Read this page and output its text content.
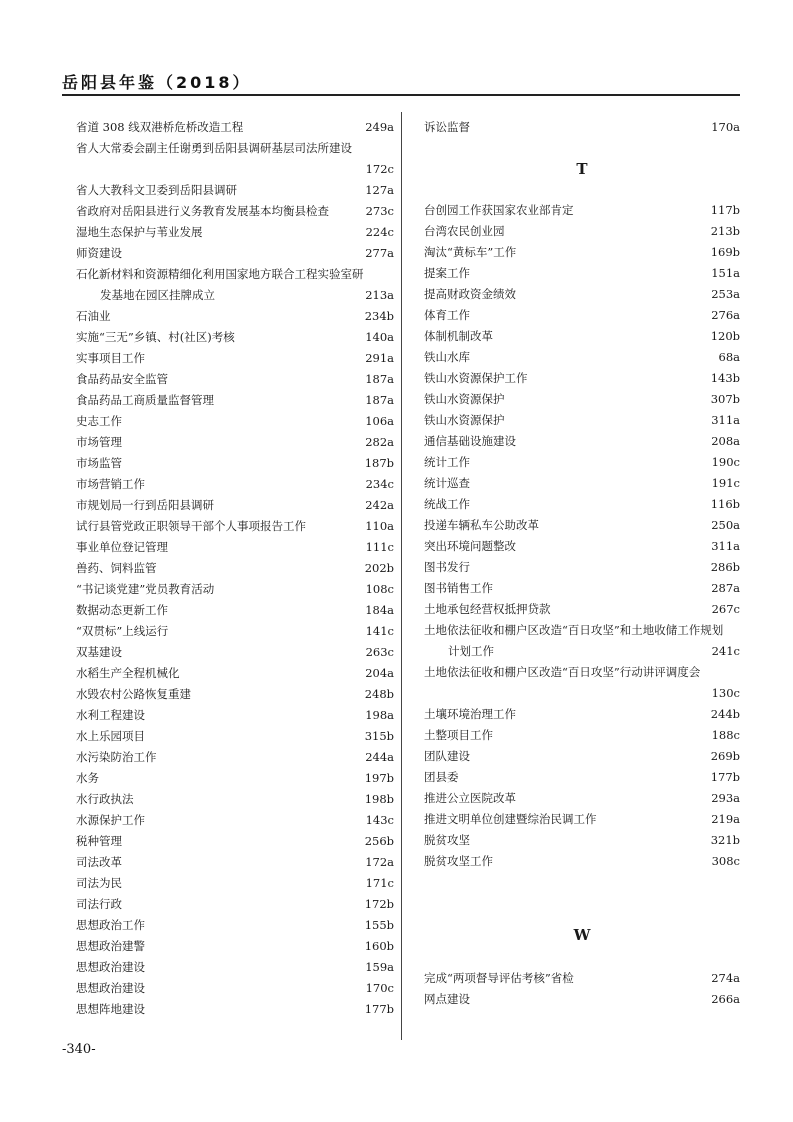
岳阳县年鉴（2018）
省道 308 线双港桥危桥改造工程	249a
省人大常委会副主任谢勇到岳阳县调研基层司法所建设
172c
省人大教科文卫委到岳阳县调研	127a
省政府对岳阳县进行义务教育发展基本均衡县检查	273c
湿地生态保护与苇业发展	224c
师资建设	277a
石化新材料和资源精细化利用国家地方联合工程实验室研
发基地在园区挂牌成立	213a
石油业	234b
实施“三无”乡镇、村(社区)考核	140a
实事项目工作	291a
食品药品安全监管	187a
食品药品工商质量监督管理	187a
史志工作	106a
市场管理	282a
市场监管	187b
市场营销工作	234c
市规划局一行到岳阳县调研	242a
试行县管党政正职领导干部个人事项报告工作	110a
事业单位登记管理	111c
兽药、饲料监管	202b
“书记谈党建”党员教育活动	108c
数据动态更新工作	184a
“双贯标”上线运行	141c
双基建设	263c
水稻生产全程机械化	204a
水毁农村公路恢复重建	248b
水利工程建设	198a
水上乐园项目	315b
水污染防治工作	244a
水务	197b
水行政执法	198b
水源保护工作	143c
税种管理	256b
司法改革	172a
司法为民	171c
司法行政	172b
思想政治工作	155b
思想政治建警	160b
思想政治建设	159a
思想政治建设	170c
思想阵地建设	177b
诉讼监督	170a
T
台创园工作获国家农业部肯定	117b
台湾农民创业园	213b
淘汰“黄标车”工作	169b
提案工作	151a
提高财政资金绩效	253a
体育工作	276a
体制机制改革	120b
铁山水库	68a
铁山水资源保护工作	143b
铁山水资源保护	307b
铁山水资源保护	311a
通信基础设施建设	208a
统计工作	190c
统计巡查	191c
统战工作	116b
投递车辆私车公助改革	250a
突出环境问题整改	311a
图书发行	286b
图书销售工作	287a
土地承包经营权抵押贷款	267c
土地依法征收和棚户区改造“百日攻坚”和土地收储工作规划
计划工作	241c
土地依法征收和棚户区改造“百日攻坚”行动讲评调度会
130c
土壤环境治理工作	244b
土整项目工作	188c
团队建设	269b
团县委	177b
推进公立医院改革	293a
推进文明单位创建暨综治民调工作	219a
脱贫攻坚	321b
脱贫攻坚工作	308c
W
完成“两项督导评估考核”省检	274a
网点建设	266a
-340-
